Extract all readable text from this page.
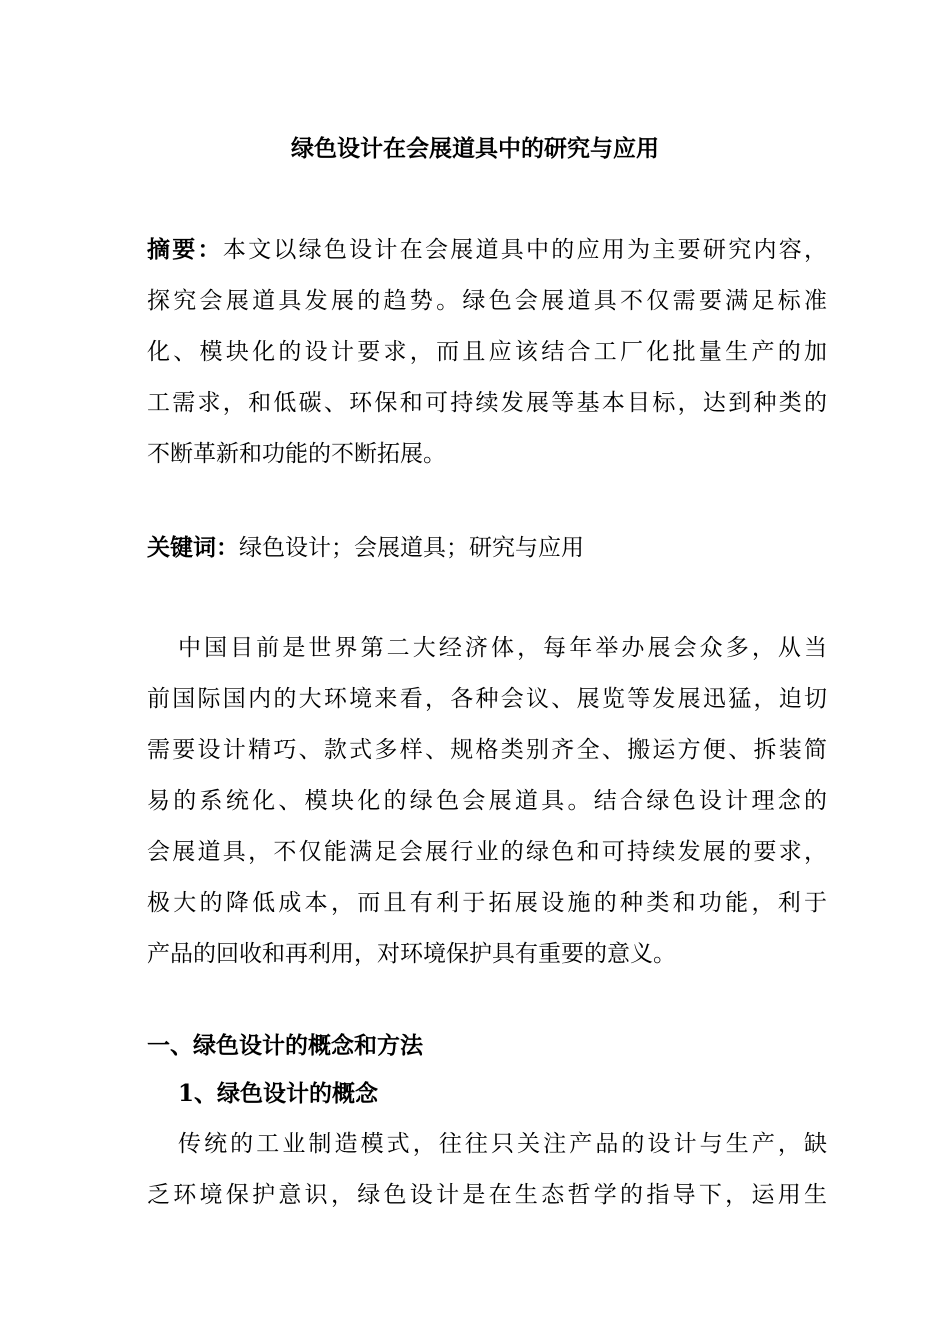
绿色设计在会展道具中的研究与应用
摘要：本文以绿色设计在会展道具中的应用为主要研究内容，
探究会展道具发展的趋势。绿色会展道具不仅需要满足标准
化、模块化的设计要求，而且应该结合工厂化批量生产的加
工需求，和低碳、环保和可持续发展等基本目标，达到种类的
不断革新和功能的不断拓展。
关键词：绿色设计；会展道具；研究与应用
中国目前是世界第二大经济体，每年举办展会众多，从当
前国际国内的大环境来看，各种会议、展览等发展迅猛，迫切
需要设计精巧、款式多样、规格类别齐全、搬运方便、拆装简
易的系统化、模块化的绿色会展道具。结合绿色设计理念的
会展道具，不仅能满足会展行业的绿色和可持续发展的要求，
极大的降低成本，而且有利于拓展设施的种类和功能，利于
产品的回收和再利用，对环境保护具有重要的意义。
一、绿色设计的概念和方法
1、绿色设计的概念
传统的工业制造模式，往往只关注产品的设计与生产，缺
乏环境保护意识，绿色设计是在生态哲学的指导下，运用生
